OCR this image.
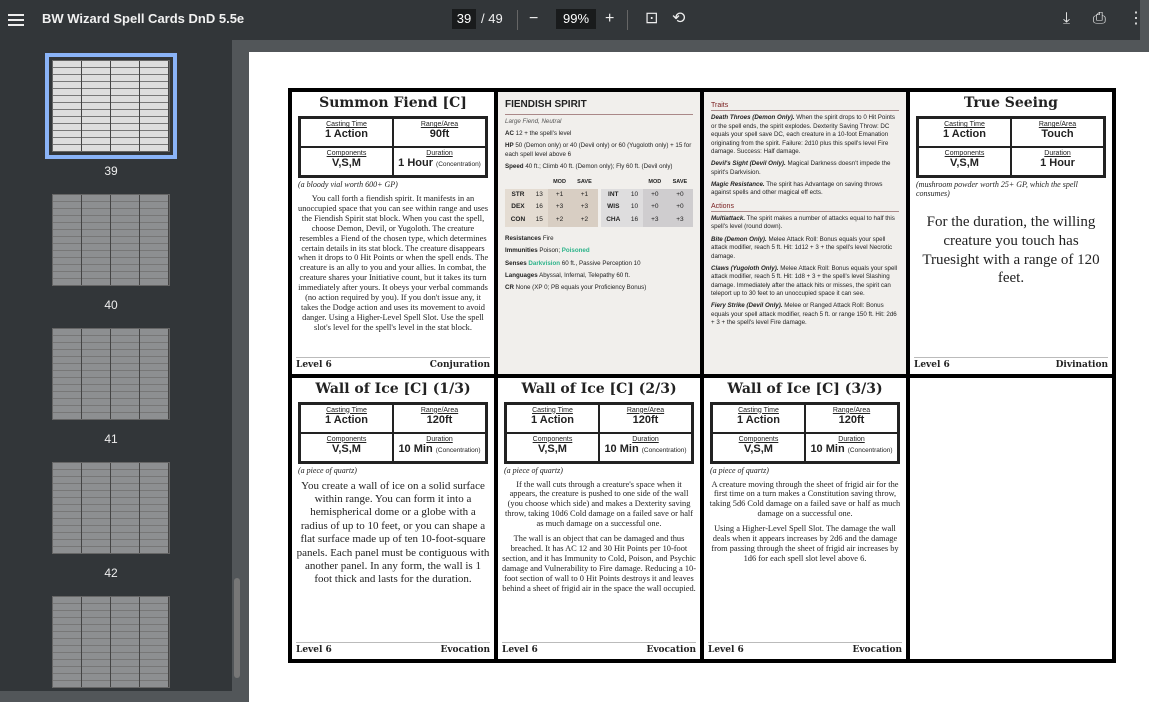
BW Wizard Spell Cards DnD 5.5e	39 / 49 −	99% + ⊡ ⟲	⤓ ⎙ ⋮
39
40
41
42
Summon Fiend [C]
Casting Time
1 Action
Range/Area
90ft
Components
V,S,M
Duration
1 Hour (Concentration)
(a bloody vial worth 600+ GP)

You call forth a fiendish spirit. It manifests in an unoccupied space that you can see within range and uses the Fiendish Spirit stat block. When you cast the spell, choose Demon, Devil, or Yugoloth. The creature resembles a Fiend of the chosen type, which determines certain details in its stat block. The creature disappears when it drops to 0 Hit Points or when the spell ends. The creature is an ally to you and your allies. In combat, the creature shares your Initiative count, but it takes its turn immediately after yours. It obeys your verbal commands (no action required by you). If you don't issue any, it takes the Dodge action and uses its movement to avoid danger. Using a Higher-Level Spell Slot. Use the spell slot's level for the spell's level in the stat block.

Level 6	Conjuration
FIENDISH SPIRIT

Large Fiend, Neutral

AC 12 + the spell's level

HP 50 (Demon only) or 40 (Devil only) or 60 (Yugoloth only) + 15 for each spell level above 6

Speed 40 ft.; Climb 40 ft. (Demon only); Fly 60 ft. (Devil only)

		MOD	SAVE
STR	13	+1	+1
DEX	16	+3	+3
CON	15	+2	+2
		MOD	SAVE
INT	10	+0	+0
WIS	10	+0	+0
CHA	16	+3	+3

Resistances Fire

Immunities Poison; Poisoned

Senses Darkvision 60 ft., Passive Perception 10

Languages Abyssal, Infernal, Telepathy 60 ft.

CR None (XP 0; PB equals your Proficiency Bonus)

Traits

Death Throes (Demon Only). When the spirit drops to 0 Hit Points or the spell ends, the spirit explodes. Dexterity Saving Throw: DC equals your spell save DC, each creature in a 10-foot Emanation originating from the spirit. Failure: 2d10 plus this spell's level Fire damage. Success: Half damage.

Devil's Sight (Devil Only). Magical Darkness doesn't impede the spirit's Darkvision.

Magic Resistance. The spirit has Advantage on saving throws against spells and other magical eff ects.

Actions

Multiattack. The spirit makes a number of attacks equal to half this spell's level (round down).

Bite (Demon Only). Melee Attack Roll: Bonus equals your spell attack modifier, reach 5 ft. Hit: 1d12 + 3 + the spell's level Necrotic damage.

Claws (Yugoloth Only). Melee Attack Roll: Bonus equals your spell attack modifier, reach 5 ft. Hit: 1d8 + 3 + the spell's level Slashing damage. Immediately after the attack hits or misses, the spirit can teleport up to 30 feet to an unoccupied space it can see.

Fiery Strike (Devil Only). Melee or Ranged Attack Roll: Bonus equals your spell attack modifier, reach 5 ft. or range 150 ft. Hit: 2d6 + 3 + the spell's level Fire damage.

True Seeing
Casting Time
1 Action
Range/Area
Touch
Components
V,S,M
Duration
1 Hour
(mushroom powder worth 25+ GP, which the spell consumes)

For the duration, the willing creature you touch has Truesight with a range of 120 feet.

Level 6	Divination
Wall of Ice [C] (1/3)
Casting Time
1 Action
Range/Area
120ft
Components
V,S,M
Duration
10 Min (Concentration)
(a piece of quartz)

You create a wall of ice on a solid surface within range. You can form it into a hemispherical dome or a globe with a radius of up to 10 feet, or you can shape a flat surface made up of ten 10-foot-square panels. Each panel must be contiguous with another panel. In any form, the wall is 1 foot thick and lasts for the duration.

Level 6	Evocation
Wall of Ice [C] (2/3)
Casting Time
1 Action
Range/Area
120ft
Components
V,S,M
Duration
10 Min (Concentration)
(a piece of quartz)

If the wall cuts through a creature's space when it appears, the creature is pushed to one side of the wall (you choose which side) and makes a Dexterity saving throw, taking 10d6 Cold damage on a failed save or half as much damage on a successful one.

The wall is an object that can be damaged and thus breached. It has AC 12 and 30 Hit Points per 10-foot section, and it has Immunity to Cold, Poison, and Psychic damage and Vulnerability to Fire damage. Reducing a 10-foot section of wall to 0 Hit Points destroys it and leaves behind a sheet of frigid air in the space the wall occupied.

Level 6	Evocation
Wall of Ice [C] (3/3)
Casting Time
1 Action
Range/Area
120ft
Components
V,S,M
Duration
10 Min (Concentration)
(a piece of quartz)

A creature moving through the sheet of frigid air for the first time on a turn makes a Constitution saving throw, taking 5d6 Cold damage on a failed save or half as much damage on a successful one.

Using a Higher-Level Spell Slot. The damage the wall deals when it appears increases by 2d6 and the damage from passing through the sheet of frigid air increases by 1d6 for each spell slot level above 6.

Level 6	Evocation
